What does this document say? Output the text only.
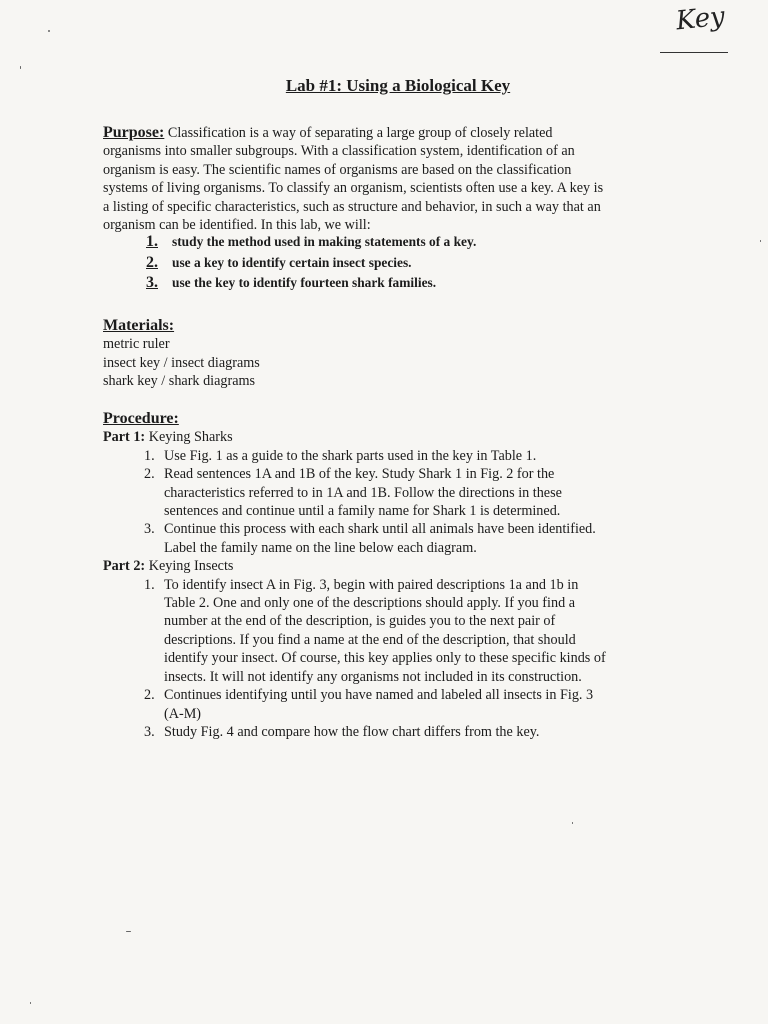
Key
Lab #1: Using a Biological Key
Purpose: Classification is a way of separating a large group of closely related
organisms into smaller subgroups. With a classification system, identification of an
organism is easy. The scientific names of organisms are based on the classification
systems of living organisms. To classify an organism, scientists often use a key. A key is
a listing of specific characteristics, such as structure and behavior, in such a way that an
organism can be identified. In this lab, we will:
1.	study the method used in making statements of a key.
2.	use a key to identify certain insect species.
3.	use the key to identify fourteen shark families.
Materials:
metric ruler
insect key / insect diagrams
shark key / shark diagrams
Procedure:
Part 1: Keying Sharks
1. Use Fig. 1 as a guide to the shark parts used in the key in Table 1.
2. Read sentences 1A and 1B of the key. Study Shark 1 in Fig. 2 for the
characteristics referred to in 1A and 1B. Follow the directions in these
sentences and continue until a family name for Shark 1 is determined.
3. Continue this process with each shark until all animals have been identified.
Label the family name on the line below each diagram.
Part 2: Keying Insects
1. To identify insect A in Fig. 3, begin with paired descriptions 1a and 1b in
Table 2. One and only one of the descriptions should apply. If you find a
number at the end of the description, is guides you to the next pair of
descriptions. If you find a name at the end of the description, that should
identify your insect. Of course, this key applies only to these specific kinds of
insects. It will not identify any organisms not included in its construction.
2. Continues identifying until you have named and labeled all insects in Fig. 3
(A-M)
3. Study Fig. 4 and compare how the flow chart differs from the key.
